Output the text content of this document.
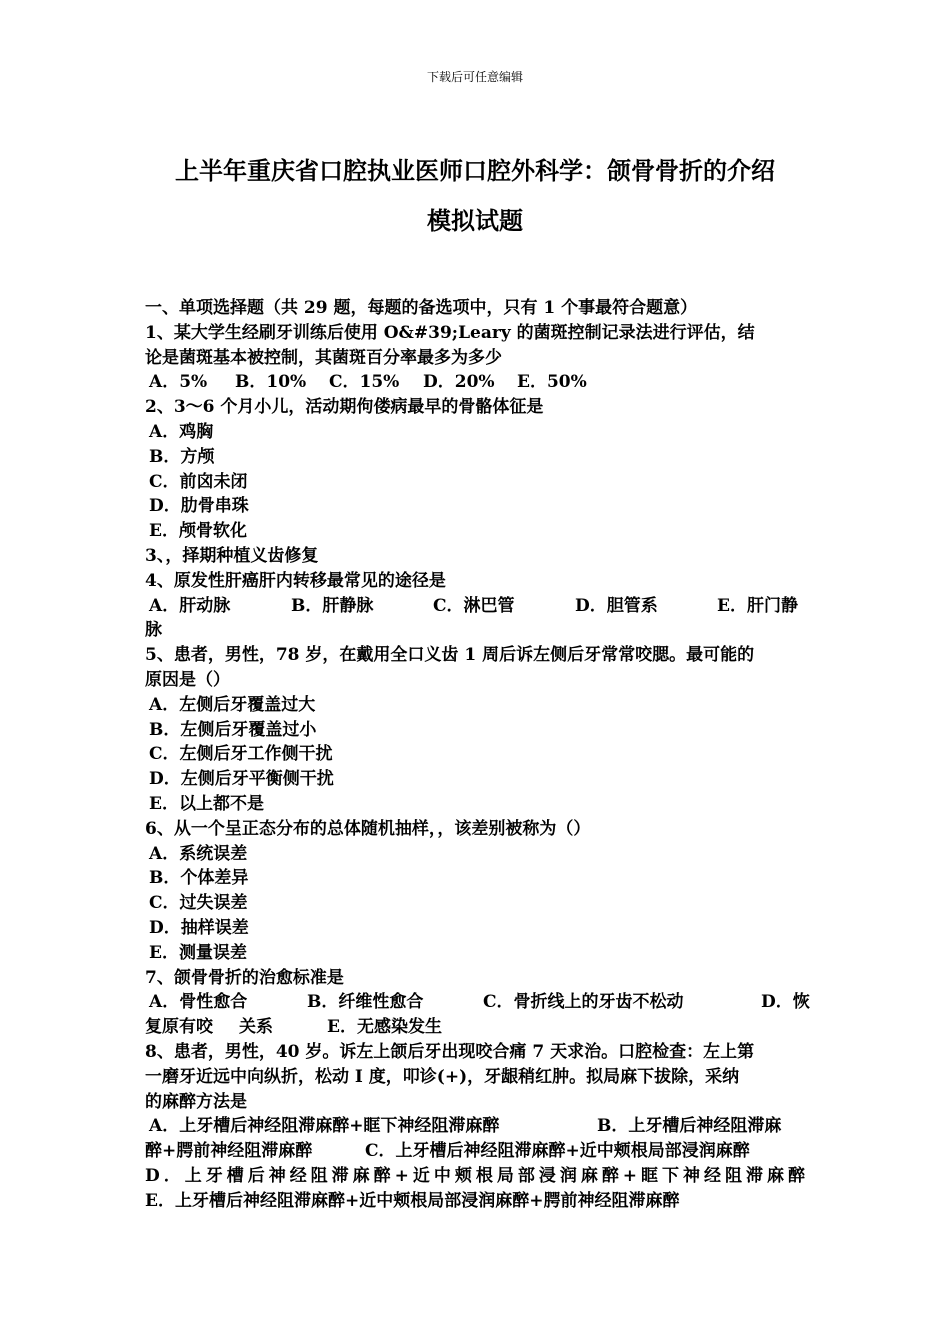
下载后可任意编辑
上半年重庆省口腔执业医师口腔外科学：颌骨骨折的介绍
模拟试题
一、单项选择题（共 29 题，每题的备选项中，只有 1 个事最符合题意）
1、某大学生经刷牙训练后使用 O&#39;Leary 的菌斑控制记录法进行评估，结
论是菌斑基本被控制，其菌斑百分率最多为多少
A．5% B．10% C．15% D．20% E．50%
2、3～6 个月小儿，活动期佝偻病最早的骨骼体征是
A．鸡胸
B．方颅
C．前囟未闭
D．肋骨串珠
E．颅骨软化
3、，择期种植义齿修复
4、原发性肝癌肝内转移最常见的途径是
A．肝动脉	B．肝静脉	C．淋巴管	D．胆管系	E．肝门静
脉
5、患者，男性，78 岁，在戴用全口义齿 1 周后诉左侧后牙常常咬腮。最可能的
原因是（）
A．左侧后牙覆盖过大
B．左侧后牙覆盖过小
C．左侧后牙工作侧干扰
D．左侧后牙平衡侧干扰
E．以上都不是
6、从一个呈正态分布的总体随机抽样，，该差别被称为（）
A．系统误差
B．个体差异
C．过失误差
D．抽样误差
E．测量误差
7、颌骨骨折的治愈标准是
A．骨性愈合	B．纤维性愈合	C．骨折线上的牙齿不松动	D．恢
复原有咬 关系	E．无感染发生
8、患者，男性，40 岁。诉左上颌后牙出现咬合痛 7 天求治。口腔检查：左上第
一磨牙近远中向纵折，松动 I 度，叩诊(+)，牙龈稍红肿。拟局麻下拔除，采纳
的麻醉方法是
A．上牙槽后神经阻滞麻醉+眶下神经阻滞麻醉	B．上牙槽后神经阻滞麻
醉+腭前神经阻滞麻醉	C．上牙槽后神经阻滞麻醉+近中颊根局部浸润麻醉
D．上牙槽后神经阻滞麻醉+近中颊根局部浸润麻醉+眶下神经阻滞麻醉
E．上牙槽后神经阻滞麻醉+近中颊根局部浸润麻醉+腭前神经阻滞麻醉
